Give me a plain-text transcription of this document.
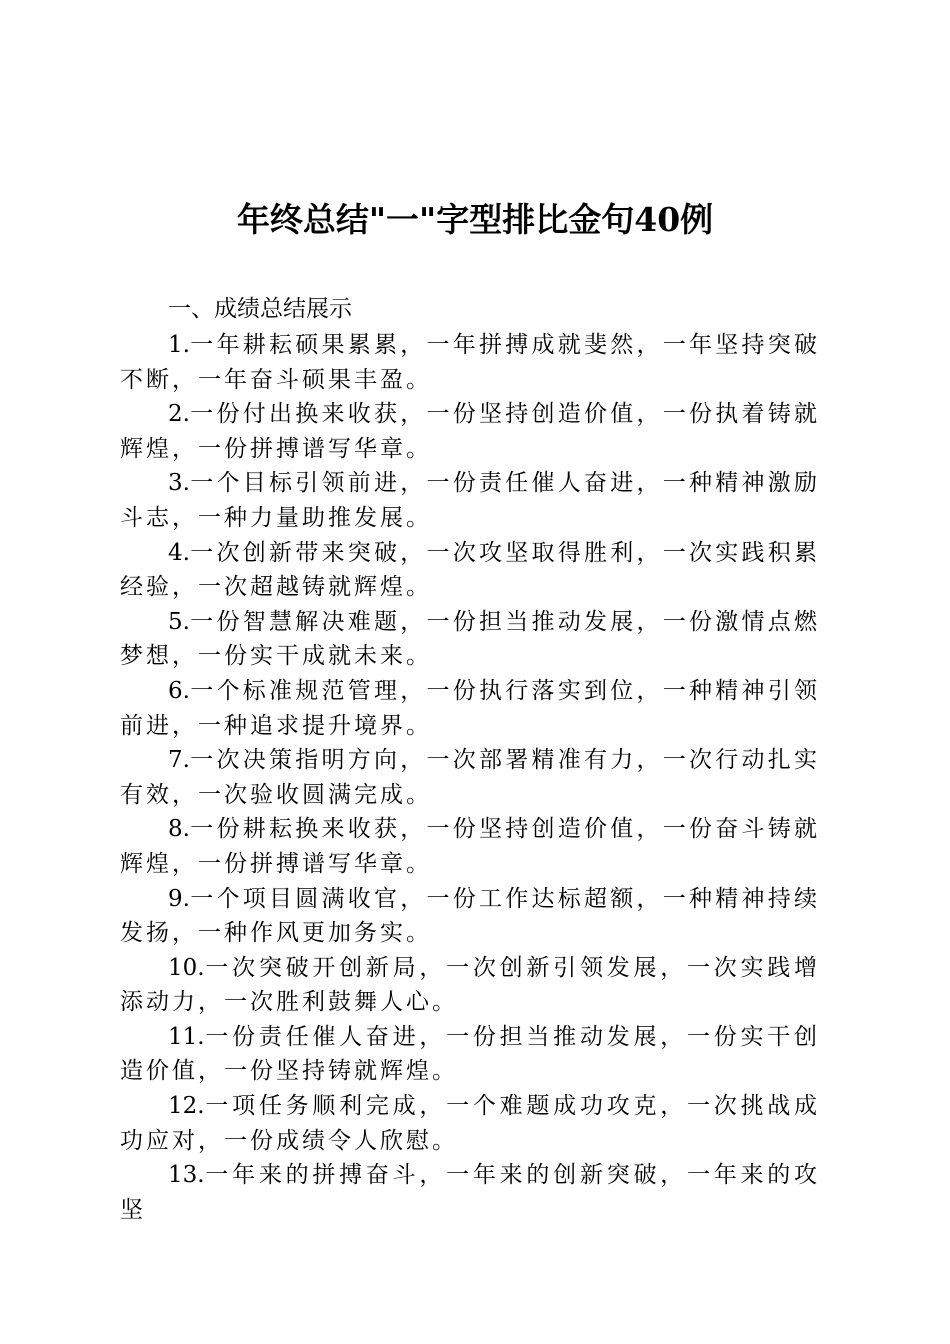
年终总结"一"字型排比金句40例
一、成绩总结展示

1.一年耕耘硕果累累，一年拼搏成就斐然，一年坚持突破不断，一年奋斗硕果丰盈。

2.一份付出换来收获，一份坚持创造价值，一份执着铸就辉煌，一份拼搏谱写华章。

3.一个目标引领前进，一份责任催人奋进，一种精神激励斗志，一种力量助推发展。

4.一次创新带来突破，一次攻坚取得胜利，一次实践积累经验，一次超越铸就辉煌。

5.一份智慧解决难题，一份担当推动发展，一份激情点燃梦想，一份实干成就未来。

6.一个标准规范管理，一份执行落实到位，一种精神引领前进，一种追求提升境界。

7.一次决策指明方向，一次部署精准有力，一次行动扎实有效，一次验收圆满完成。

8.一份耕耘换来收获，一份坚持创造价值，一份奋斗铸就辉煌，一份拼搏谱写华章。

9.一个项目圆满收官，一份工作达标超额，一种精神持续发扬，一种作风更加务实。

10.一次突破开创新局，一次创新引领发展，一次实践增添动力，一次胜利鼓舞人心。

11.一份责任催人奋进，一份担当推动发展，一份实干创造价值，一份坚持铸就辉煌。

12.一项任务顺利完成，一个难题成功攻克，一次挑战成功应对，一份成绩令人欣慰。

13.一年来的拼搏奋斗，一年来的创新突破，一年来的攻坚
